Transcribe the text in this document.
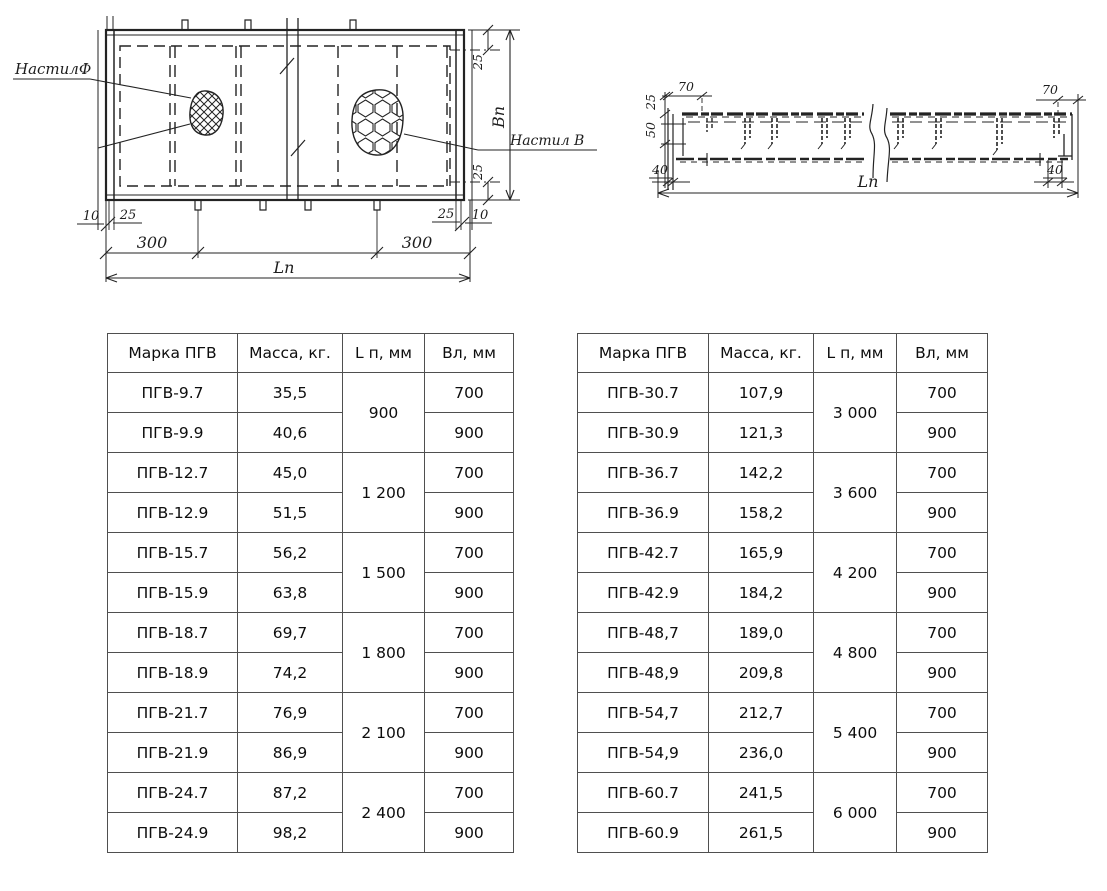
НастилФ
Настил В
Вп
25
25
10 25	25 10
300	300
Lп
25
50
70
40
70
40
Lп
Марка ПГВ	Масса, кг.	L п, мм	Вл, мм
ПГВ-9.7	35,5	900	700
ПГВ-9.9	40,6		900
ПГВ-12.7	45,0	1 200	700
ПГВ-12.9	51,5		900
ПГВ-15.7	56,2	1 500	700
ПГВ-15.9	63,8		900
ПГВ-18.7	69,7	1 800	700
ПГВ-18.9	74,2		900
ПГВ-21.7	76,9	2 100	700
ПГВ-21.9	86,9		900
ПГВ-24.7	87,2	2 400	700
ПГВ-24.9	98,2		900
Марка ПГВ	Масса, кг.	L п, мм	Вл, мм
ПГВ-30.7	107,9	3 000	700
ПГВ-30.9	121,3		900
ПГВ-36.7	142,2	3 600	700
ПГВ-36.9	158,2		900
ПГВ-42.7	165,9	4 200	700
ПГВ-42.9	184,2		900
ПГВ-48,7	189,0	4 800	700
ПГВ-48,9	209,8		900
ПГВ-54,7	212,7	5 400	700
ПГВ-54,9	236,0		900
ПГВ-60.7	241,5	6 000	700
ПГВ-60.9	261,5		900
